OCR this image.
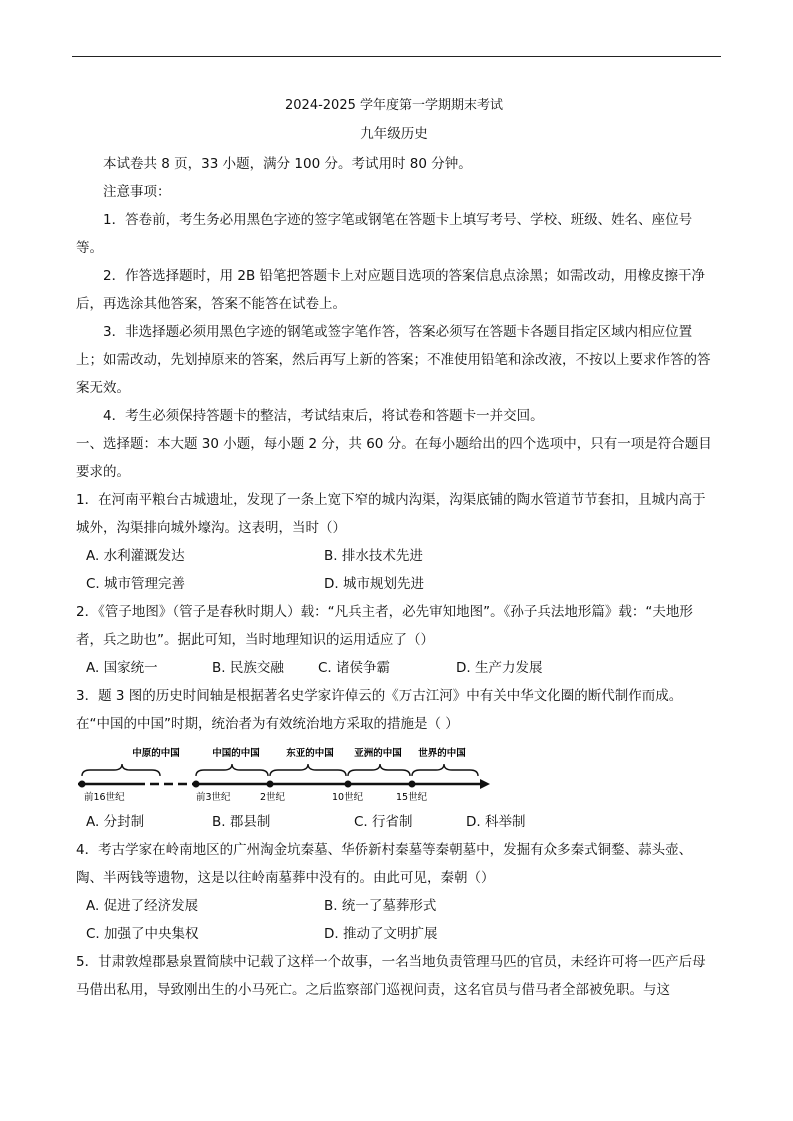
2024-2025 学年度第一学期期末考试
九年级历史

本试卷共 8 页，33 小题，满分 100 分。考试用时 80 分钟。

注意事项：

1．答卷前，考生务必用黑色字迹的签字笔或钢笔在答题卡上填写考号、学校、班级、姓名、座位号等。

2．作答选择题时，用 2B 铅笔把答题卡上对应题目选项的答案信息点涂黑；如需改动，用橡皮擦干净后，再选涂其他答案，答案不能答在试卷上。

3．非选择题必须用黑色字迹的钢笔或签字笔作答，答案必须写在答题卡各题目指定区域内相应位置上；如需改动，先划掉原来的答案，然后再写上新的答案；不准使用铅笔和涂改液，不按以上要求作答的答案无效。

4．考生必须保持答题卡的整洁，考试结束后，将试卷和答题卡一并交回。

一、选择题：本大题 30 小题，每小题 2 分，共 60 分。在每小题给出的四个选项中，只有一项是符合题目要求的。

1．在河南平粮台古城遗址，发现了一条上宽下窄的城内沟渠，沟渠底铺的陶水管道节节套扣，且城内高于城外，沟渠排向城外壕沟。这表明，当时（）

A. 水利灌溉发达	B. 排水技术先进
C. 城市管理完善	D. 城市规划先进

2．《管子地图》（管子是春秋时期人）载：“凡兵主者，必先审知地图”。《孙子兵法地形篇》载：“夫地形者，兵之助也”。据此可知，当时地理知识的运用适应了（）

A. 国家统一	B. 民族交融	C. 诸侯争霸	D. 生产力发展

3．题 3 图的历史时间轴是根据著名史学家许倬云的《万古江河》中有关中华文化圈的断代制作而成。在“中国的中国”时期，统治者为有效统治地方采取的措施是（ ）

中原的中国	中国的中国	东亚的中国 亚洲的中国 世界的中国
前16世纪	前3世纪	2世纪	10世纪	15世纪
A. 分封制	B. 郡县制	C. 行省制	D. 科举制

4．考古学家在岭南地区的广州淘金坑秦墓、华侨新村秦墓等秦朝墓中，发掘有众多秦式铜鍪、蒜头壶、陶、半两钱等遗物，这是以往岭南墓葬中没有的。由此可见，秦朝（）

A. 促进了经济发展	B. 统一了墓葬形式
C. 加强了中央集权	D. 推动了文明扩展

5．甘肃敦煌郡悬泉置简牍中记载了这样一个故事，一名当地负责管理马匹的官员，未经许可将一匹产后母马借出私用，导致刚出生的小马死亡。之后监察部门巡视问责，这名官员与借马者全部被免职。与这
